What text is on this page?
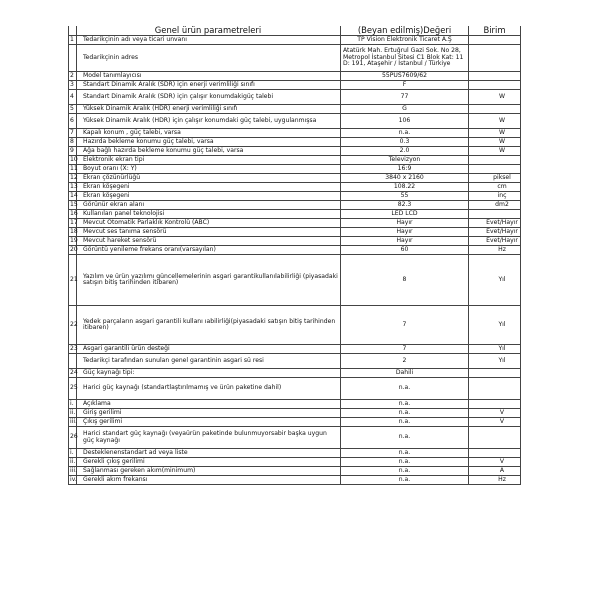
	Genel ürün parametreleri	(Beyan edilmiş)Değeri	Birim
1	Tedarikçinin adı veya ticari unvanı	TP Vision Elektronik Ticaret A.Ş	
	Tedarikçinin adres	Atatürk Mah. Ertuğrul Gazi Sok. No 28, Metropol İstanbul Sitesi C1 Blok Kat: 11 D: 191, Ataşehir / İstanbul / Türkiye	
2	Model tanımlayıcısı	55PUS7609/62	
3	Standart Dinamik Aralık (SDR) için enerji verimliliği sınıfı	F	
4	Standart Dinamik Aralık (SDR) için çalışır konumdakigüç talebi	77	W
5	Yüksek Dinamik Aralık (HDR) enerji verimliliği sınıfı	G	
6	Yüksek Dinamik Aralık (HDR) için çalışır konumdaki güç talebi, uygulanmışsa	106	W
7	Kapalı konum , güç talebi, varsa	n.a.	W
8	Hazırda bekleme konumu güç talebi, varsa	0.3	W
9	Ağa bağlı hazırda bekleme konumu güç talebi, varsa	2.0	W
10	Elektronik ekran tipi	Televizyon	
11	Boyut oranı (X: Y)	16:9	
12	Ekran çözünürlüğü	3840 x 2160	piksel
13	Ekran köşegeni	108.22	cm
14	Ekran köşegeni	55	inç
15	Görünür ekran alanı	82.3	dm2
16	Kullanılan panel teknolojisi	LED LCD	
17	Mevcut Otomatik Parlaklık Kontrolü (ABC)	Hayır	Evet/Hayır
18	Mevcut ses tanıma sensörü	Hayır	Evet/Hayır
19	Mevcut hareket sensörü	Hayır	Evet/Hayır
20	Görüntü yenileme frekans oranı(varsayılan)	60	Hz
21	Yazılım ve ürün yazılımı güncellemelerinin asgari garantikullanılabilirliği (piyasadaki satışın bitiş tarihinden itibaren)	8	Yıl
22	Yedek parçaların asgari garantili kullanı ıabilirliği(piyasadaki satışın bitiş tarihinden itibaren)	7	Yıl
23	Asgari garantili ürün desteği	7	Yıl
	Tedarikçi tarafından sunulan genel garantinin asgari sü resi	2	Yıl
24	Güç kaynağı tipi:	Dahili	
25	Harici güç kaynağı (standartlaştırılmamış ve ürün paketine dahil)	n.a.	
i.	Açıklama	n.a.	
ii.	Giriş gerilimi	n.a.	V
iii.	Çıkış gerilimi	n.a.	V
26	Harici standart güç kaynağı (veyaürün paketinde bulunmuyorsabir başka uygun güç kaynağı	n.a.	
i.	Desteklenenstandart ad veya liste	n.a.	
ii.	Gerekli çıkış gerilimi	n.a.	V
iii.	Sağlanması gereken akım(minimum)	n.a.	A
iv.	Gerekli akım frekansı	n.a.	Hz
